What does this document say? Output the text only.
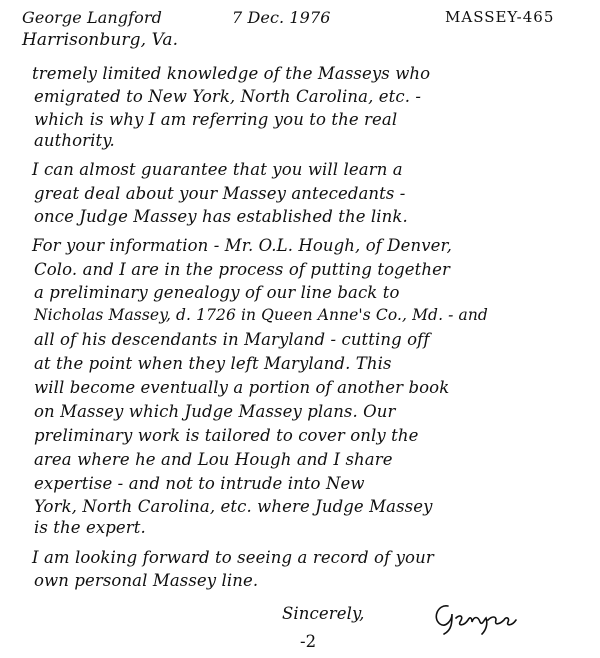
George Langford
Harrisonburg, Va.
7 Dec. 1976	MASSEY-465
tremely limited knowledge of the Masseys who
emigrated to New York, North Carolina, etc. -
which is why I am referring you to the real
authority.
I can almost guarantee that you will learn a
great deal about your Massey antecedants -
once Judge Massey has established the link.
For your information - Mr. O.L. Hough, of Denver,
Colo. and I are in the process of putting together
a preliminary genealogy of our line back to
Nicholas Massey, d. 1726 in Queen Anne's Co., Md. - and
all of his descendants in Maryland - cutting off
at the point when they left Maryland. This
will become eventually a portion of another book
on Massey which Judge Massey plans. Our
preliminary work is tailored to cover only the
area where he and Lou Hough and I share
expertise - and not to intrude into New
York, North Carolina, etc. where Judge Massey
is the expert.
I am looking forward to seeing a record of your
own personal Massey line.
Sincerely,
-2
